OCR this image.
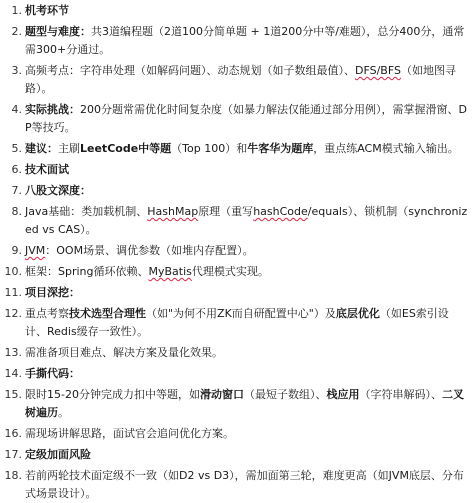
1. 机考环节
2. 题型与难度：共3道编程题（2道100分简单题 + 1道200分中等/难题），总分400分，通常需300+分通过。
3. 高频考点：字符串处理（如解码问题）、动态规划（如子数组最值）、DFS/BFS（如地图寻路）。
4. 实际挑战：200分题常需优化时间复杂度（如暴力解法仅能通过部分用例），需掌握滑窗、DP等技巧。
5. 建议：主刷LeetCode中等题（Top 100）和牛客华为题库，重点练ACM模式输入输出。
6. 技术面试
7. 八股文深度：
8. Java基础：类加载机制、HashMap原理（重写hashCode/equals）、锁机制（synchronized vs CAS）。
9. JVM：OOM场景、调优参数（如堆内存配置）。
10. 框架：Spring循环依赖、MyBatis代理模式实现。
11. 项目深挖：
12. 重点考察技术选型合理性（如"为何不用ZK而自研配置中心"）及底层优化（如ES索引设计、Redis缓存一致性）。
13. 需准备项目难点、解决方案及量化效果。
14. 手撕代码：
15. 限时15-20分钟完成力扣中等题，如滑动窗口（最短子数组）、栈应用（字符串解码）、二叉树遍历。
16. 需现场讲解思路，面试官会追问优化方案。
17. 定级加面风险
18. 若前两轮技术面定级不一致（如D2 vs D3），需加面第三轮，难度更高（如JVM底层、分布式场景设计）。
